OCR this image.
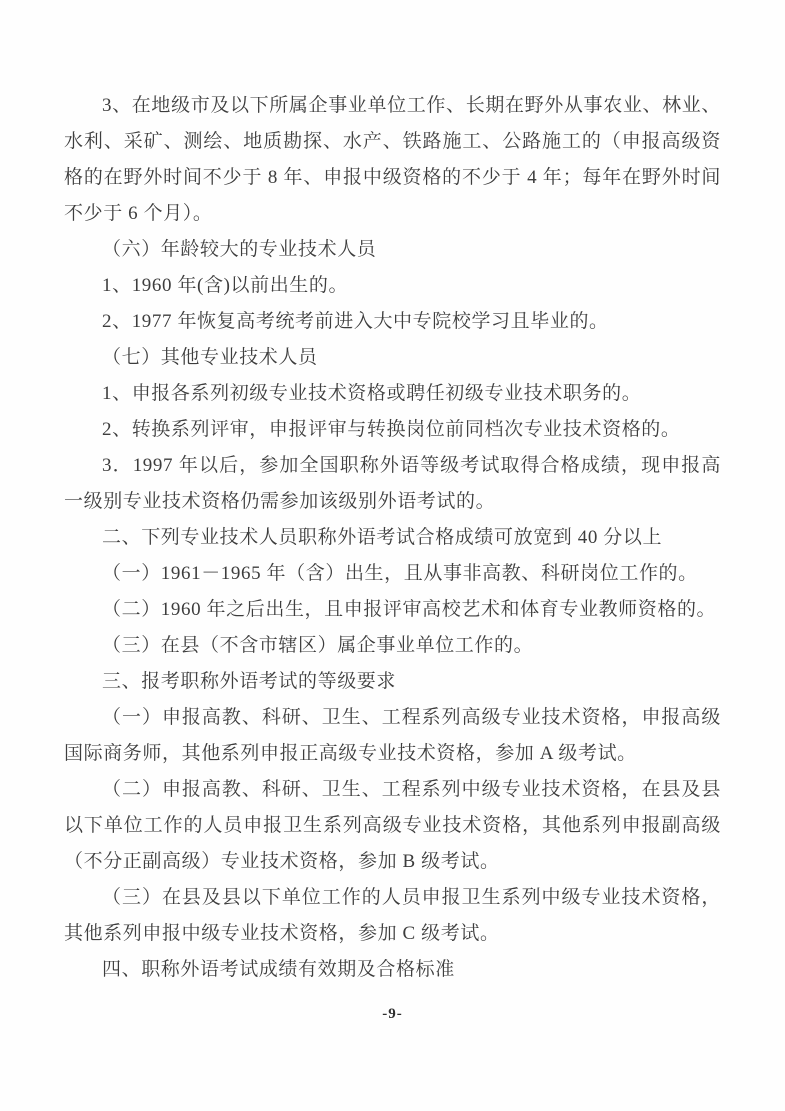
3、在地级市及以下所属企事业单位工作、长期在野外从事农业、林业、水利、采矿、测绘、地质勘探、水产、铁路施工、公路施工的（申报高级资格的在野外时间不少于 8 年、申报中级资格的不少于 4 年；每年在野外时间不少于 6 个月）。

（六）年龄较大的专业技术人员

1、1960 年(含)以前出生的。

2、1977 年恢复高考统考前进入大中专院校学习且毕业的。

（七）其他专业技术人员

1、申报各系列初级专业技术资格或聘任初级专业技术职务的。

2、转换系列评审，申报评审与转换岗位前同档次专业技术资格的。

3．1997 年以后，参加全国职称外语等级考试取得合格成绩，现申报高一级别专业技术资格仍需参加该级别外语考试的。

二、下列专业技术人员职称外语考试合格成绩可放宽到 40 分以上

（一）1961－1965 年（含）出生，且从事非高教、科研岗位工作的。

（二）1960 年之后出生，且申报评审高校艺术和体育专业教师资格的。

（三）在县（不含市辖区）属企事业单位工作的。

三、报考职称外语考试的等级要求

（一）申报高教、科研、卫生、工程系列高级专业技术资格，申报高级国际商务师，其他系列申报正高级专业技术资格，参加 A 级考试。

（二）申报高教、科研、卫生、工程系列中级专业技术资格，在县及县以下单位工作的人员申报卫生系列高级专业技术资格，其他系列申报副高级（不分正副高级）专业技术资格，参加 B 级考试。

（三）在县及县以下单位工作的人员申报卫生系列中级专业技术资格，其他系列申报中级专业技术资格，参加 C 级考试。

四、职称外语考试成绩有效期及合格标准

-9-
